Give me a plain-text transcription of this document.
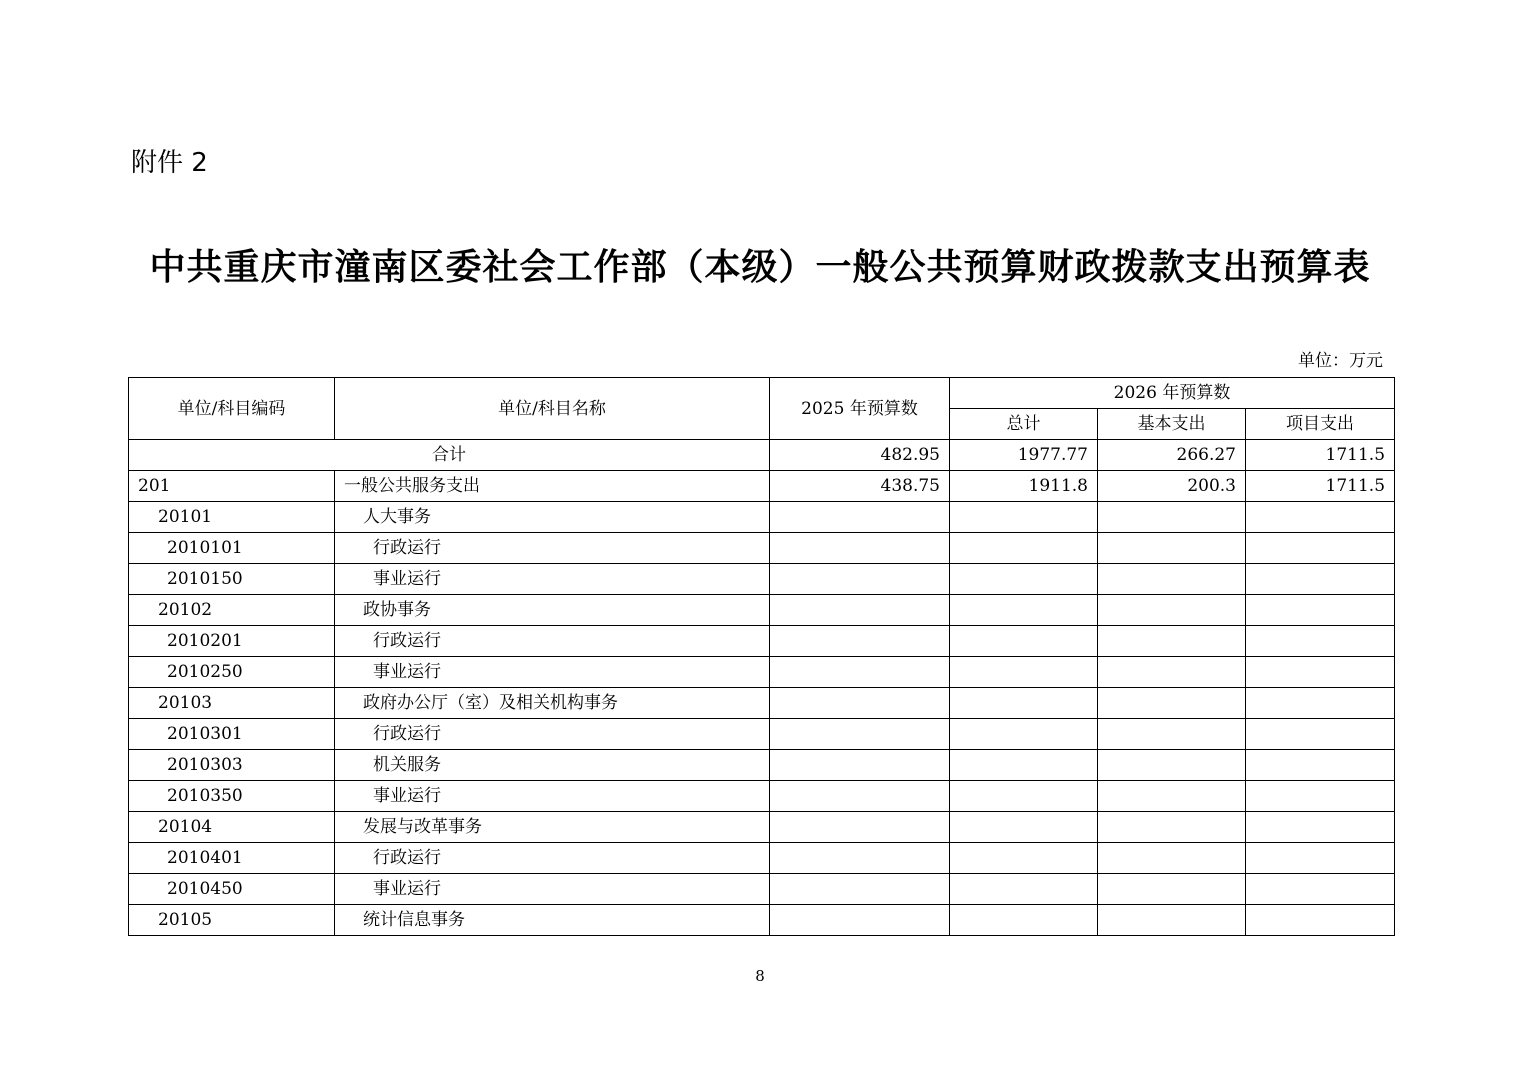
附件 2
中共重庆市潼南区委社会工作部（本级）一般公共预算财政拨款支出预算表
单位：万元
单位/科目编码	单位/科目名称	2025 年预算数	2026 年预算数		
			总计	基本支出	项目支出
合计		482.95	1977.77	266.27	1711.5
201	一般公共服务支出	438.75	1911.8	200.3	1711.5
20101	人大事务				
2010101	行政运行				
2010150	事业运行				
20102	政协事务				
2010201	行政运行				
2010250	事业运行				
20103	政府办公厅（室）及相关机构事务				
2010301	行政运行				
2010303	机关服务				
2010350	事业运行				
20104	发展与改革事务				
2010401	行政运行				
2010450	事业运行				
20105	统计信息事务				
8
